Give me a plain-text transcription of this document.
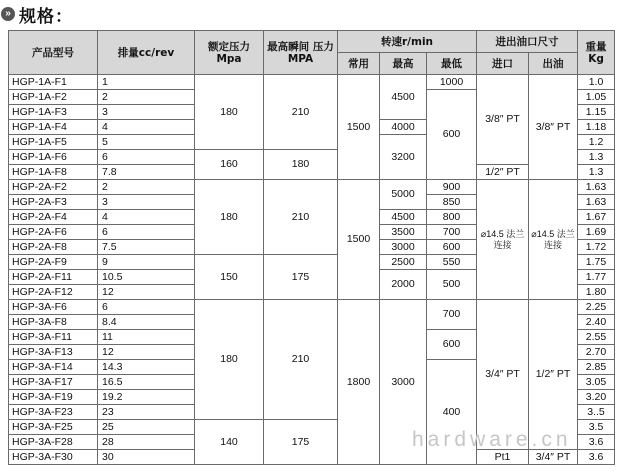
» 规格：
产品型号	排量cc/rev	额定压力 Mpa	最高瞬间 压力MPA	转速r/min			进出油口尺寸		重量 Kg
				常用	最高	最低	进口	出油	
HGP-1A-F1	1	180	210	1500	4500	1000	3/8″ PT	3/8″ PT	1.0
HGP-1A-F2	2					600			1.05
HGP-1A-F3	3								1.15
HGP-1A-F4	4				4000				1.18
HGP-1A-F5	5				3200				1.2
HGP-1A-F6	6	160	180						1.3
HGP-1A-F8	7.8						1/2″ PT		1.3
HGP-2A-F2	2	180	210	1500	5000	900	⌀14.5 法兰连接	⌀14.5 法兰连接	1.63
HGP-2A-F3	3					850			1.63
HGP-2A-F4	4				4500	800			1.67
HGP-2A-F6	6				3500	700			1.69
HGP-2A-F8	7.5				3000	600			1.72
HGP-2A-F9	9	150	175		2500	550			1.75
HGP-2A-F11	10.5				2000	500			1.77
HGP-2A-F12	12								1.80
HGP-3A-F6	6	180	210	1800	3000	700	3/4″ PT	1/2″ PT	2.25
HGP-3A-F8	8.4								2.40
HGP-3A-F11	11					600			2.55
HGP-3A-F13	12								2.70
HGP-3A-F14	14.3					400			2.85
HGP-3A-F17	16.5								3.05
HGP-3A-F19	19.2								3.20
HGP-3A-F23	23								3..5
HGP-3A-F25	25	140	175						3.5
HGP-3A-F28	28								3.6
HGP-3A-F30	30						Pt1	3/4″ PT	3.6
hardware.cn
